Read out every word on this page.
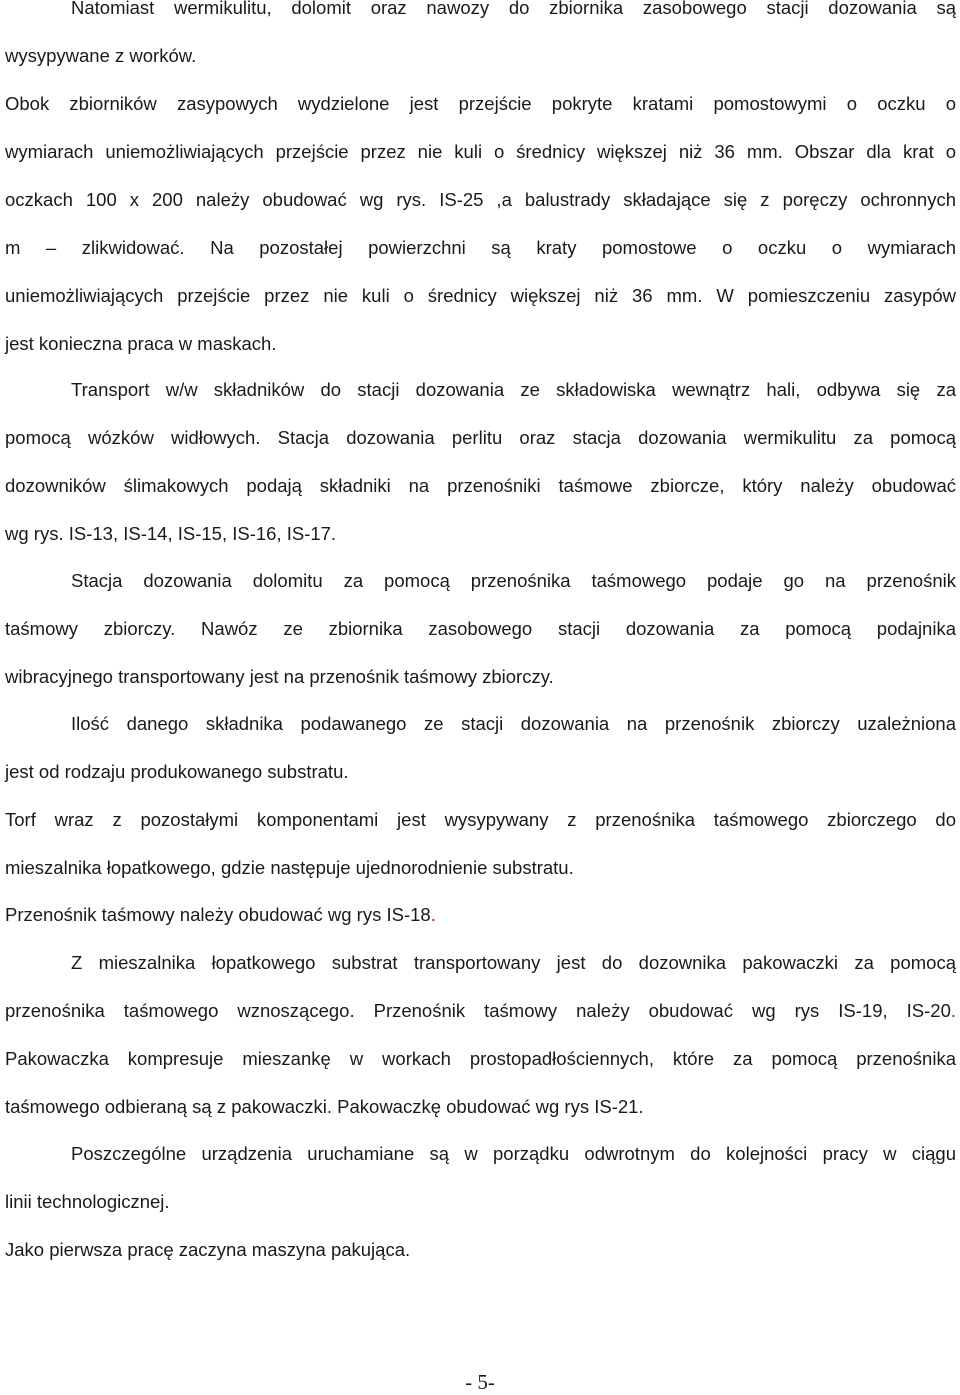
Natomiast wermikulitu, dolomit oraz nawozy do zbiornika zasobowego stacji dozowania są
wysypywane z worków.
Obok zbiorników zasypowych wydzielone jest przejście pokryte kratami pomostowymi o oczku o
wymiarach uniemożliwiających przejście przez nie kuli o średnicy większej niż 36 mm. Obszar dla krat o
oczkach 100 x 200 należy obudować wg rys. IS-25 ,a balustrady składające się z poręczy ochronnych
m – zlikwidować. Na pozostałej powierzchni są kraty pomostowe o oczku o wymiarach
uniemożliwiających przejście przez nie kuli o średnicy większej niż 36 mm. W pomieszczeniu zasypów
jest konieczna praca w maskach.
Transport w/w składników do stacji dozowania ze składowiska wewnątrz hali, odbywa się za
pomocą wózków widłowych. Stacja dozowania perlitu oraz stacja dozowania wermikulitu za pomocą
dozowników ślimakowych podają składniki na przenośniki taśmowe zbiorcze, który należy obudować
wg rys. IS-13, IS-14, IS-15, IS-16, IS-17.
Stacja dozowania dolomitu za pomocą przenośnika taśmowego podaje go na przenośnik
taśmowy zbiorczy. Nawóz ze zbiornika zasobowego stacji dozowania za pomocą podajnika
wibracyjnego transportowany jest na przenośnik taśmowy zbiorczy.
Ilość danego składnika podawanego ze stacji dozowania na przenośnik zbiorczy uzależniona
jest od rodzaju produkowanego substratu.
Torf wraz z pozostałymi komponentami jest wysypywany z przenośnika taśmowego zbiorczego do
mieszalnika łopatkowego, gdzie następuje ujednorodnienie substratu.
Przenośnik taśmowy należy obudować wg rys IS-18.
Z mieszalnika łopatkowego substrat transportowany jest do dozownika pakowaczki za pomocą
przenośnika taśmowego wznoszącego. Przenośnik taśmowy należy obudować wg rys IS-19, IS-20.
Pakowaczka kompresuje mieszankę w workach prostopadłościennych, które za pomocą przenośnika
taśmowego odbieraną są z pakowaczki. Pakowaczkę obudować wg rys IS-21.
Poszczególne urządzenia uruchamiane są w porządku odwrotnym do kolejności pracy w ciągu
linii technologicznej.
Jako pierwsza pracę zaczyna maszyna pakująca.
- 5-
